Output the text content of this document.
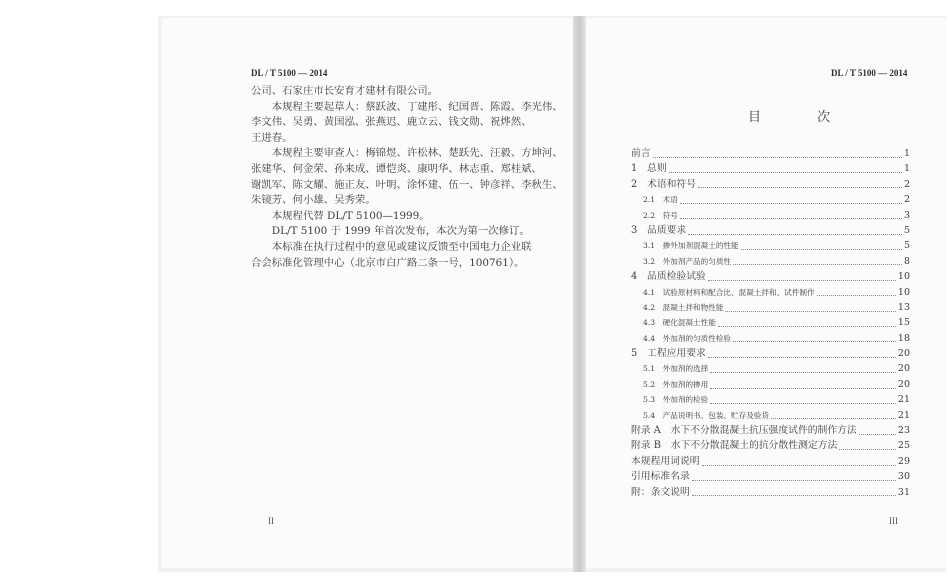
DL / T 5100 — 2014	DL / T 5100 — 2014
公司、石家庄市长安育才建材有限公司。
　　本规程主要起草人：蔡跃波、丁建彤、纪国晋、陈霞、李光伟、
李文伟、吴勇、黄国泓、张燕迟、鹿立云、钱文勋、祝烨然、
王进春。
　　本规程主要审查人：梅锦煜、许松林、楚跃先、汪毅、方坤河、
张建华、何金荣、孙来成、谭恺炎、康明华、林志重、郑桂斌、
谢凯军、陈文耀、施正友、叶明、涂怀建、伍一、钟彦祥、李秋生、
朱镜芳、何小雄、吴秀荣。
　　本规程代替 DL/T 5100—1999。
　　DL/T 5100 于 1999 年首次发布，本次为第一次修订。
　　本标准在执行过程中的意见或建议反馈至中国电力企业联
合会标准化管理中心（北京市白广路二条一号，100761）。
目 次
前言	1
1　总则	1
2　术语和符号	2
2.1　术语	2
2.2　符号	3
3　品质要求	5
3.1　掺外加剂混凝土的性能	5
3.2　外加剂产品的匀质性	8
4　品质检验试验	10
4.1　试验原材料和配合比、混凝土拌和、试件制作	10
4.2　混凝土拌和物性能	13
4.3　硬化混凝土性能	15
4.4　外加剂的匀质性检验	18
5　工程应用要求	20
5.1　外加剂的选择	20
5.2　外加剂的掺用	20
5.3　外加剂的检验	21
5.4　产品说明书、包装、贮存及验货	21
附录 A　水下不分散混凝土抗压强度试件的制作方法	23
附录 B　水下不分散混凝土的抗分散性测定方法	25
本规程用词说明	29
引用标准名录	30
附：条文说明	31
II	III
